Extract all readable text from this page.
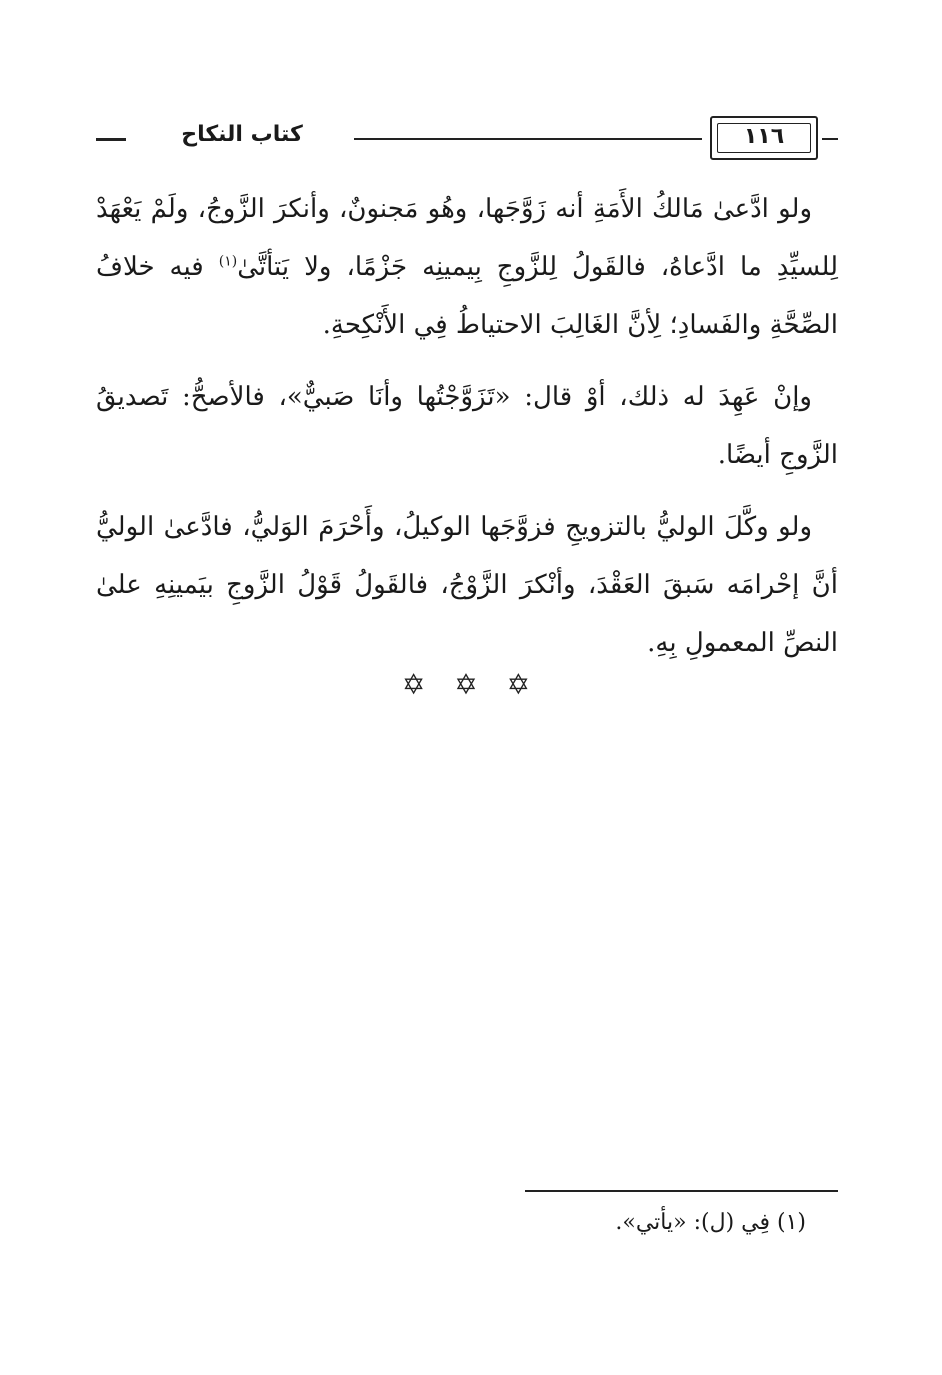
كتاب النكاح	١١٦

ولو ادَّعىٰ مَالكُ الأَمَةِ أنه زَوَّجَها، وهُو مَجنونٌ، وأنكرَ الزَّوجُ، ولَمْ يَعْهَدْ لِلسيِّدِ ما ادَّعاهُ، فالقَولُ لِلزَّوجِ بِيمينِه جَزْمًا، ولا يَتأتَّىٰ$^{(١)}$ فيه خلافُ الصِّحَّةِ والفَسادِ؛ لِأنَّ الغَالِبَ الاحتياطُ فِي الأَنْكِحةِ.

وإنْ عَهِدَ له ذلك، أوْ قال: «تَزَوَّجْتُها وأنَا صَبيٌّ»، فالأصحُّ: تَصديقُ الزَّوجِ أيضًا.

ولو وكَّلَ الوليُّ بالتزويجِ فزوَّجَها الوكيلُ، وأَحْرَمَ الوَليُّ، فادَّعىٰ الوليُّ أنَّ إحْرامَه سَبقَ العَقْدَ، وأنْكرَ الزَّوْجُ، فالقَولُ قَوْلُ الزَّوجِ بيَمينِهِ علىٰ النصِّ المعمولِ بِهِ.

✡ ✡ ✡
(١) فِي (ل): «يأتي».
